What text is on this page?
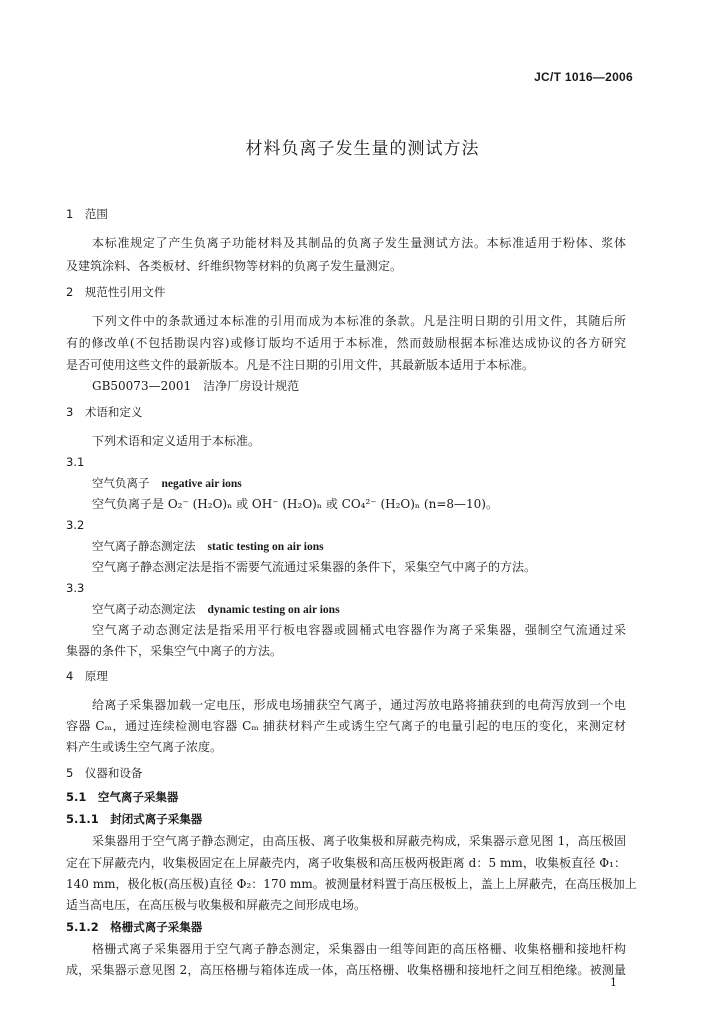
JC/T 1016—2006
材料负离子发生量的测试方法
1　范围
本标准规定了产生负离子功能材料及其制品的负离子发生量测试方法。本标准适用于粉体、浆体
及建筑涂料、各类板材、纤维织物等材料的负离子发生量测定。
2　规范性引用文件
下列文件中的条款通过本标准的引用而成为本标准的条款。凡是注明日期的引用文件，其随后所
有的修改单(不包括勘误内容)或修订版均不适用于本标准，然而鼓励根据本标准达成协议的各方研究
是否可使用这些文件的最新版本。凡是不注日期的引用文件，其最新版本适用于本标准。
GB50073—2001　洁净厂房设计规范
3　术语和定义
下列术语和定义适用于本标准。
3.1
空气负离子 negative air ions
空气负离子是 O₂⁻ (H₂O)ₙ 或 OH⁻ (H₂O)ₙ 或 CO₄²⁻ (H₂O)ₙ (n=8—10)。
3.2
空气离子静态测定法 static testing on air ions
空气离子静态测定法是指不需要气流通过采集器的条件下，采集空气中离子的方法。
3.3
空气离子动态测定法 dynamic testing on air ions
空气离子动态测定法是指采用平行板电容器或圆桶式电容器作为离子采集器，强制空气流通过采
集器的条件下，采集空气中离子的方法。
4　原理
给离子采集器加载一定电压，形成电场捕获空气离子，通过泻放电路将捕获到的电荷泻放到一个电
容器 Cₘ，通过连续检测电容器 Cₘ 捕获材料产生或诱生空气离子的电量引起的电压的变化，来测定材
料产生或诱生空气离子浓度。
5　仪器和设备
5.1　空气离子采集器
5.1.1　封闭式离子采集器
采集器用于空气离子静态测定，由高压极、离子收集极和屏蔽壳构成，采集器示意见图 1，高压极固
定在下屏蔽壳内，收集极固定在上屏蔽壳内，离子收集极和高压极两极距离 d：5 mm，收集板直径 Φ₁：
140 mm，极化板(高压极)直径 Φ₂：170 mm。被测量材料置于高压极板上，盖上上屏蔽壳，在高压极加上
适当高电压，在高压极与收集极和屏蔽壳之间形成电场。
5.1.2　格栅式离子采集器
格栅式离子采集器用于空气离子静态测定，采集器由一组等间距的高压格栅、收集格栅和接地杆构
成，采集器示意见图 2，高压格栅与箱体连成一体，高压格栅、收集格栅和接地杆之间互相绝缘。被测量
1
